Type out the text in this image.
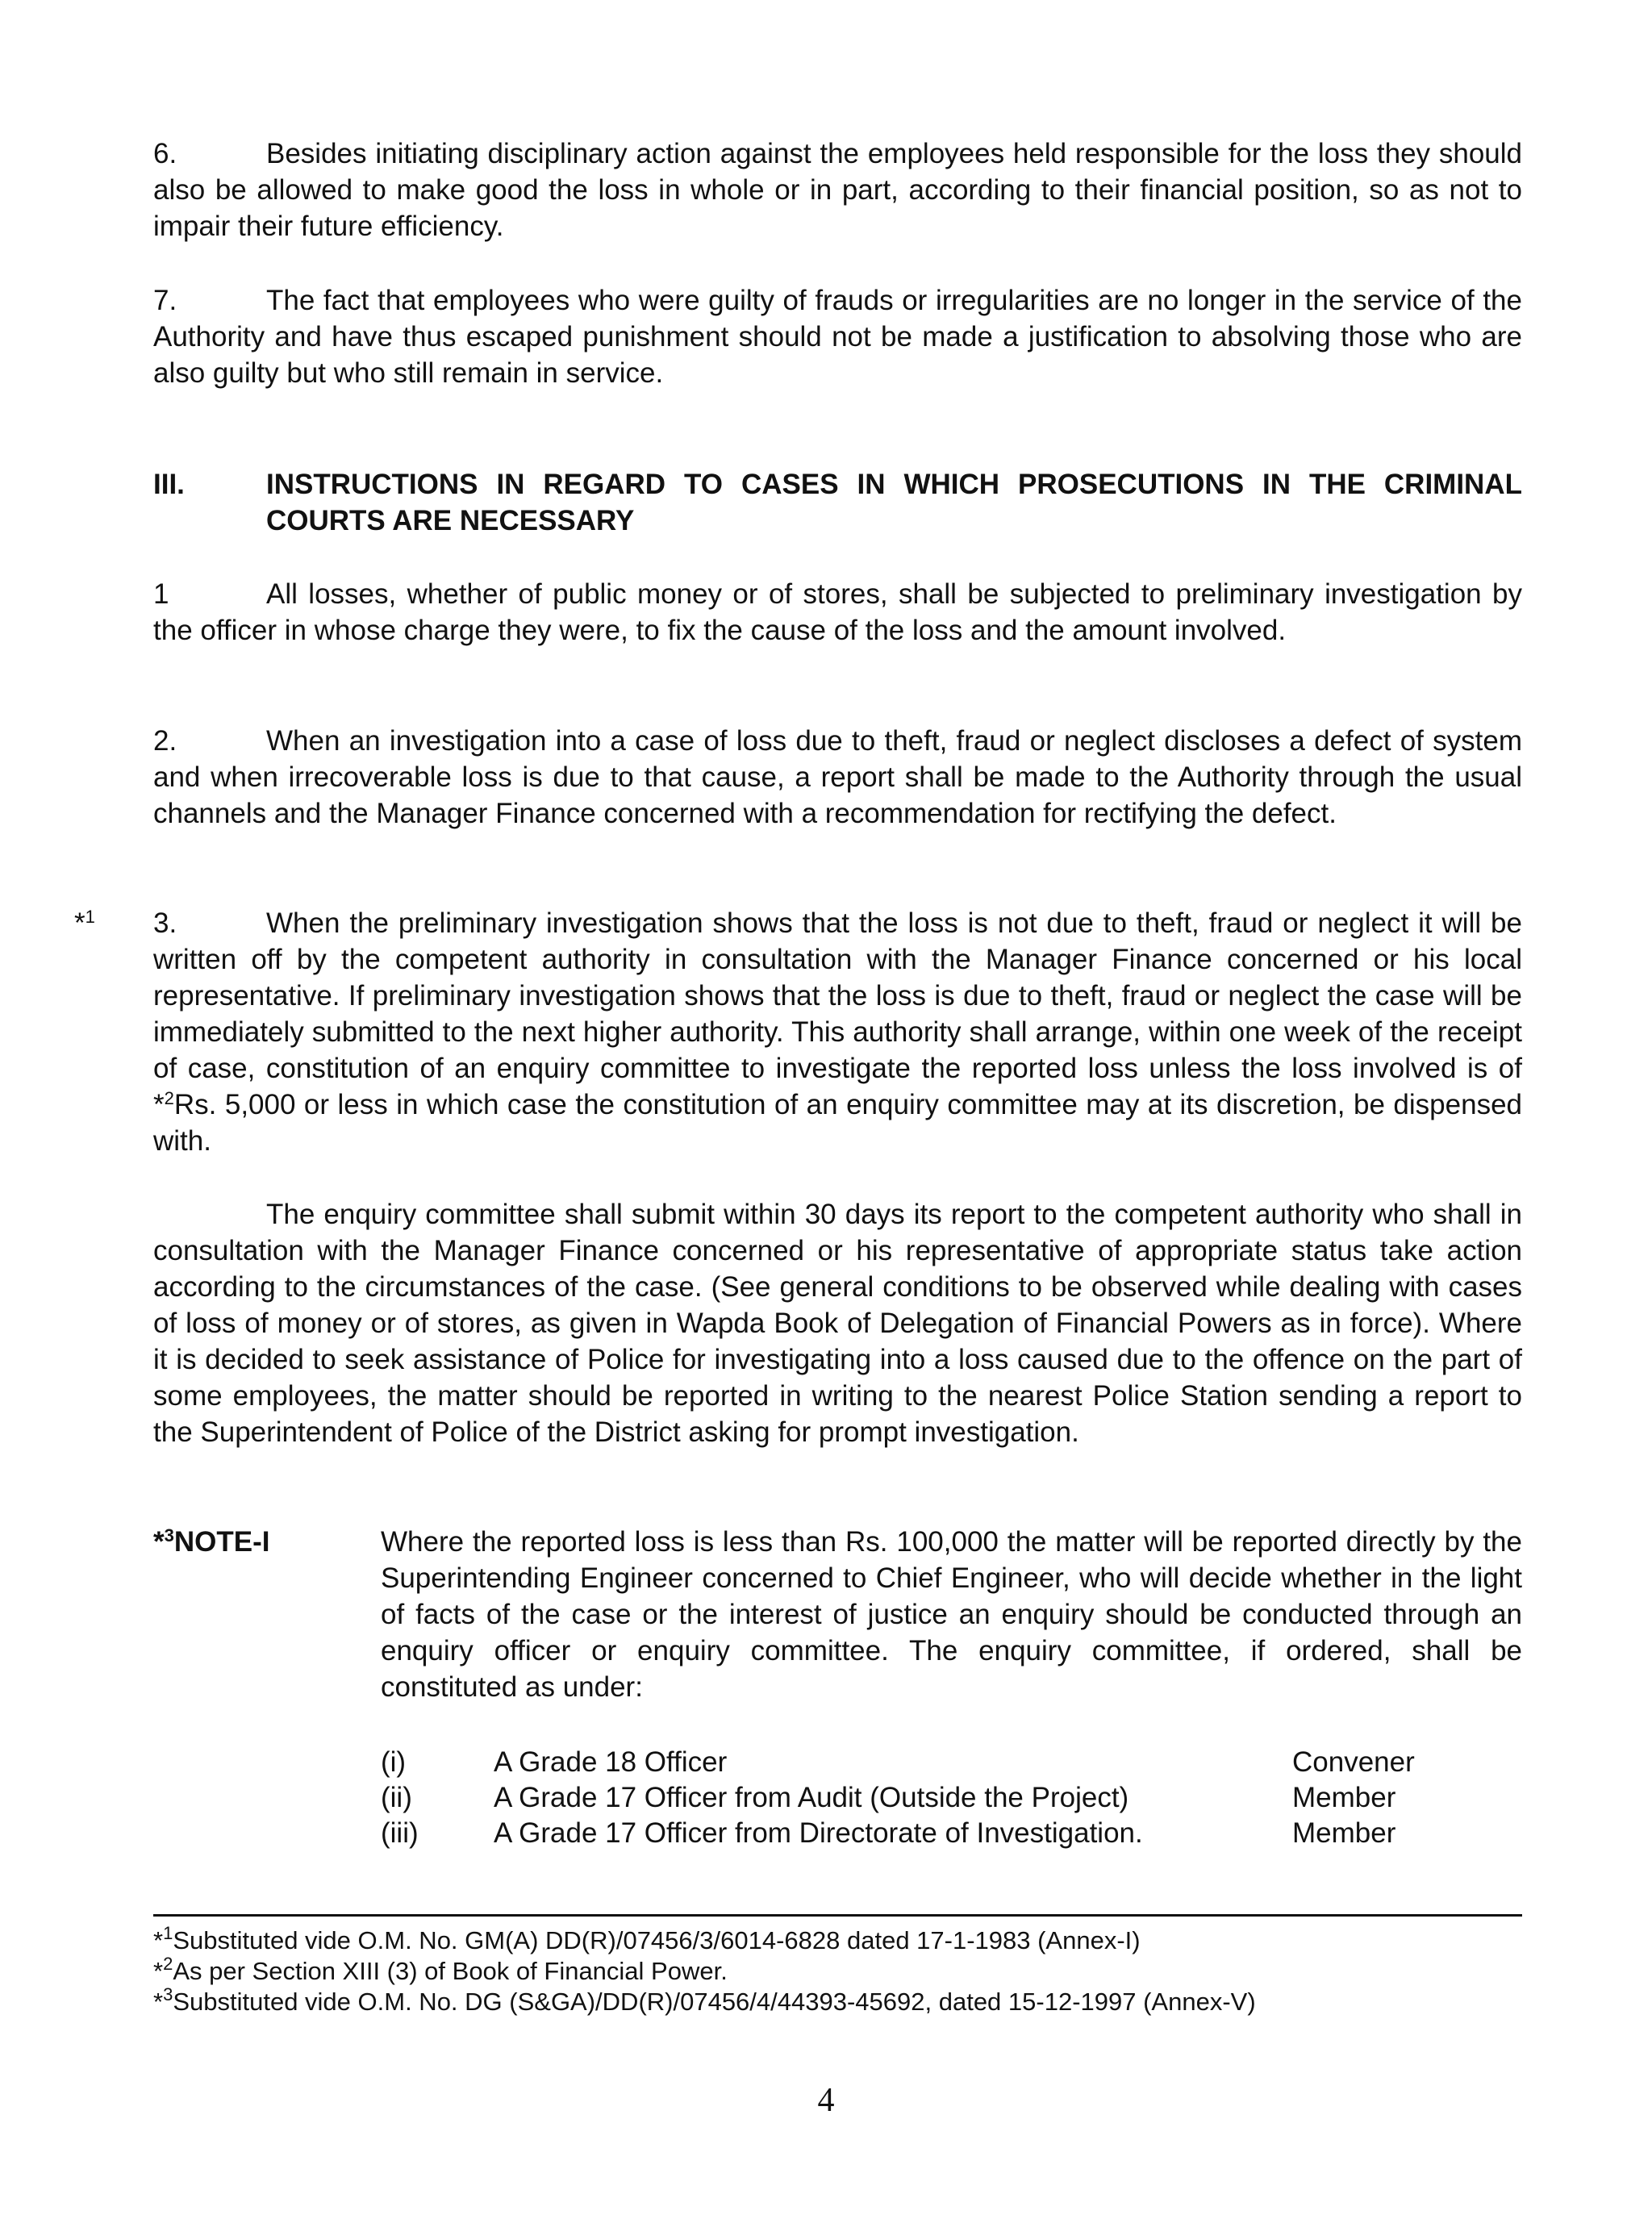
6.	Besides initiating disciplinary action against the employees held responsible for the loss they should also be allowed to make good the loss in whole or in part, according to their financial position, so as not to impair their future efficiency.

7.	The fact that employees who were guilty of frauds or irregularities are no longer in the service of the Authority and have thus escaped punishment should not be made a justification to absolving those who are also guilty but who still remain in service.

III.	INSTRUCTIONS IN REGARD TO CASES IN WHICH PROSECUTIONS IN THE CRIMINAL COURTS ARE NECESSARY

1	All losses, whether of public money or of stores, shall be subjected to preliminary investigation by the officer in whose charge they were, to fix the cause of the loss and the amount involved.

2.	When an investigation into a case of loss due to theft, fraud or neglect discloses a defect of system and when irrecoverable loss is due to that cause, a report shall be made to the Authority through the usual channels and the Manager Finance concerned with a recommendation for rectifying the defect.

*$^1$ 3.	When the preliminary investigation shows that the loss is not due to theft, fraud or neglect it will be written off by the competent authority in consultation with the Manager Finance concerned or his local representative. If preliminary investigation shows that the loss is due to theft, fraud or neglect the case will be immediately submitted to the next higher authority. This authority shall arrange, within one week of the receipt of case, constitution of an enquiry committee to investigate the reported loss unless the loss involved is of *$^2$Rs. 5,000 or less in which case the constitution of an enquiry committee may at its discretion, be dispensed with.

The enquiry committee shall submit within 30 days its report to the competent authority who shall in consultation with the Manager Finance concerned or his representative of appropriate status take action according to the circumstances of the case. (See general conditions to be observed while dealing with cases of loss of money or of stores, as given in Wapda Book of Delegation of Financial Powers as in force). Where it is decided to seek assistance of Police for investigating into a loss caused due to the offence on the part of some employees, the matter should be reported in writing to the nearest Police Station sending a report to the Superintendent of Police of the District asking for prompt investigation.

*$^3$NOTE-I	Where the reported loss is less than Rs. 100,000 the matter will be reported directly by the Superintending Engineer concerned to Chief Engineer, who will decide whether in the light of facts of the case or the interest of justice an enquiry should be conducted through an enquiry officer or enquiry committee. The enquiry committee, if ordered, shall be constituted as under:
(i)	A Grade 18 Officer	Convener
(ii)	A Grade 17 Officer from Audit (Outside the Project)	Member
(iii)	A Grade 17 Officer from Directorate of Investigation.	Member
*$^1$Substituted vide O.M. No. GM(A) DD(R)/07456/3/6014-6828 dated 17-1-1983 (Annex-I)
*$^2$As per Section XIII (3) of Book of Financial Power.
*$^3$Substituted vide O.M. No. DG (S&GA)/DD(R)/07456/4/44393-45692, dated 15-12-1997 (Annex-V)
4
